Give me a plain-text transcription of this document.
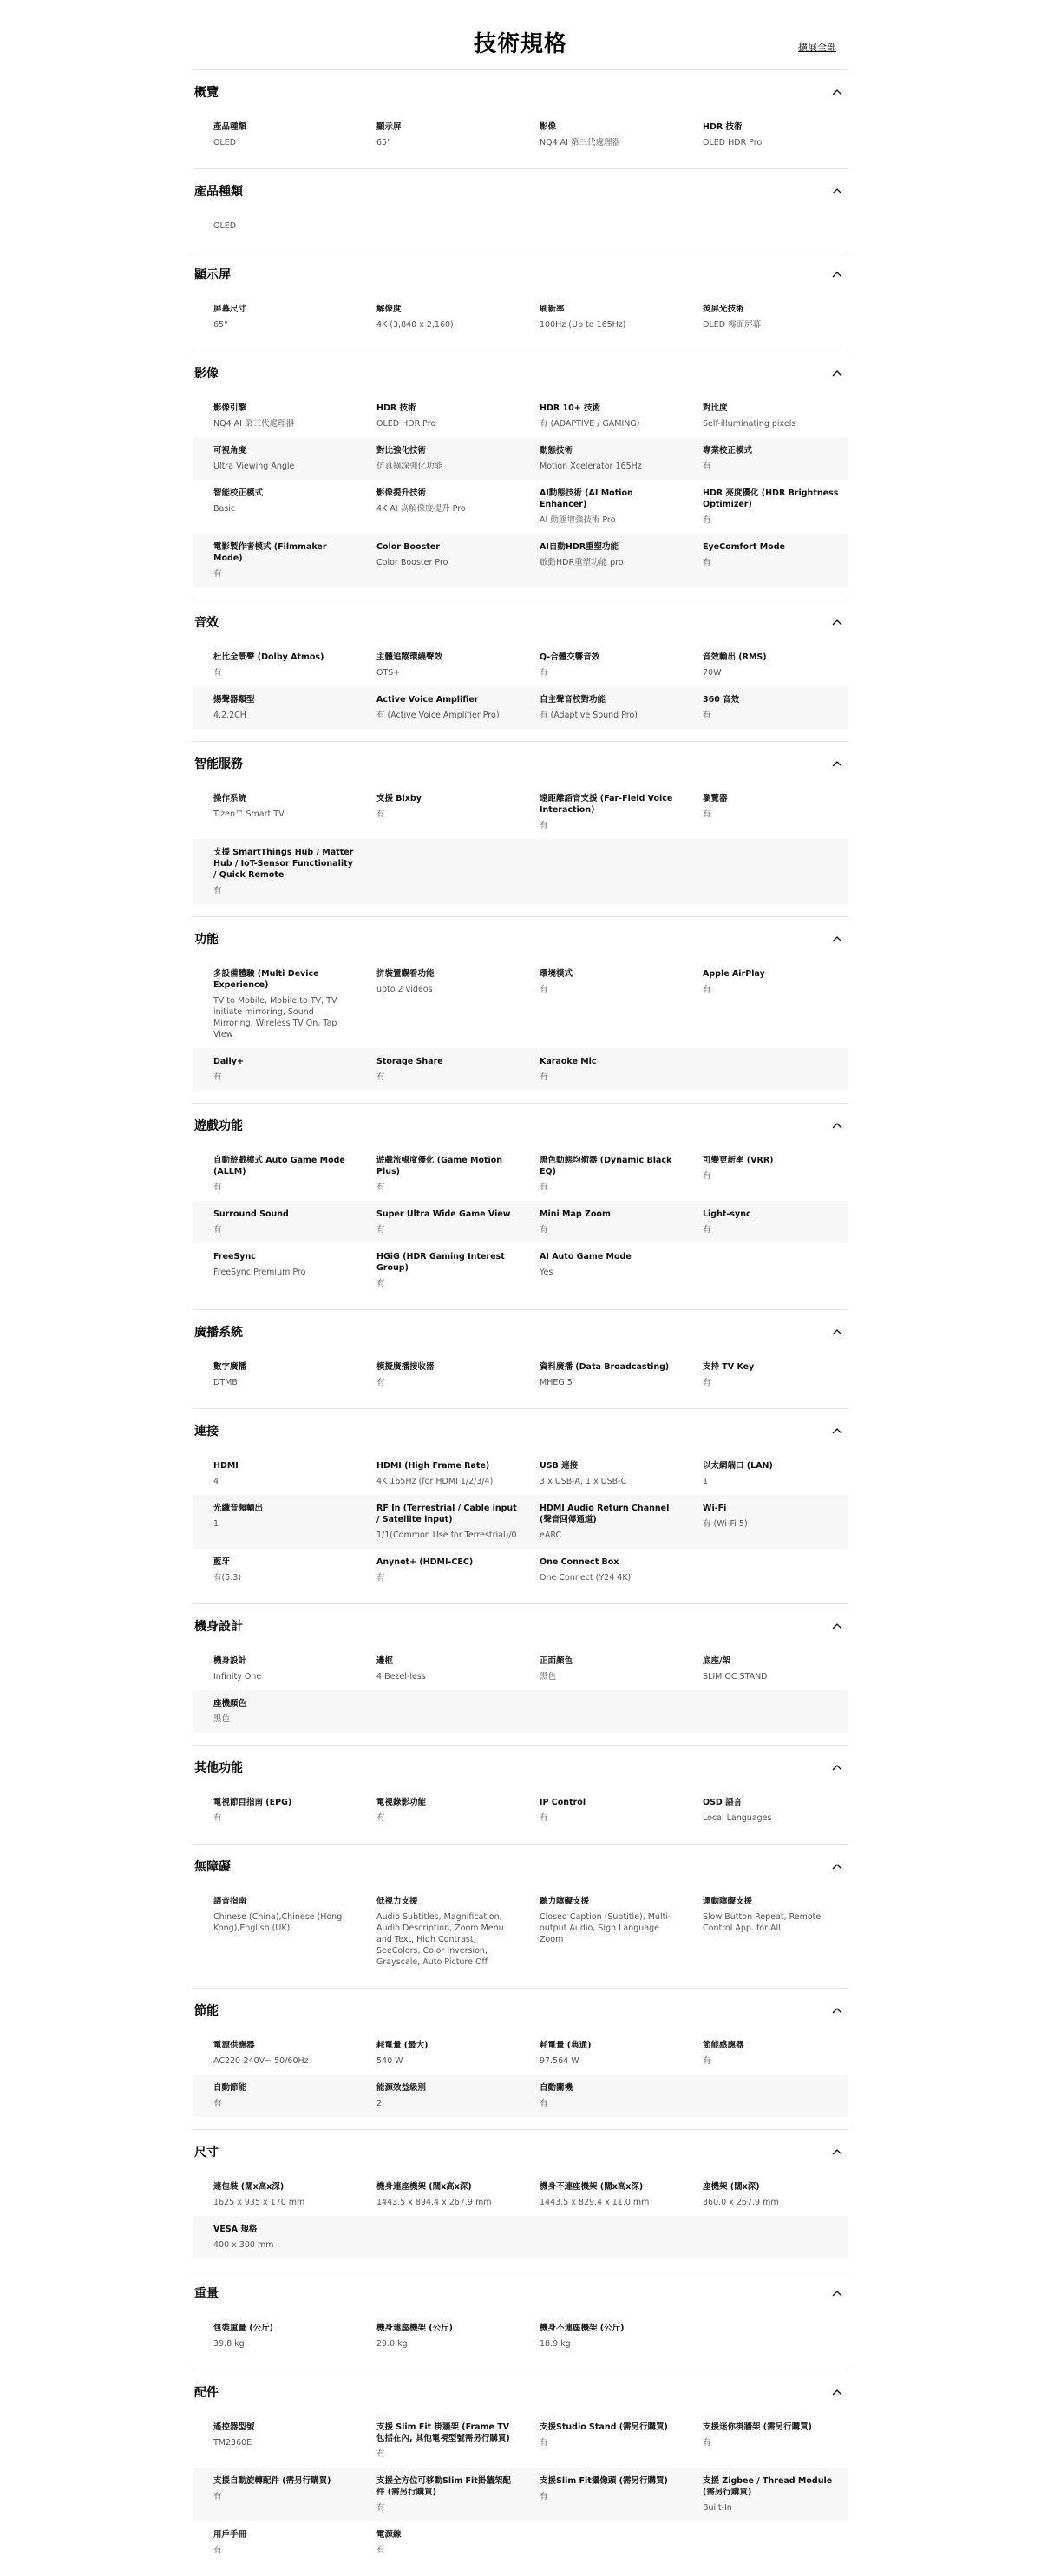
技術規格	擴展全部
概覽
產品種類
OLED
顯示屏
65"
影像
NQ4 AI 第三代處理器
HDR 技術
OLED HDR Pro
產品種類
OLED
顯示屏
屏幕尺寸
65"
解像度
4K (3,840 x 2,160)
刷新率
100Hz (Up to 165Hz)
熒屏光技術
OLED 霧面屏幕
影像
影像引擎
NQ4 AI 第三代處理器
HDR 技術
OLED HDR Pro
HDR 10+ 技術
有 (ADAPTIVE / GAMING)
對比度
Self-illuminating pixels
可視角度
Ultra Viewing Angle
對比強化技術
仿真擴深強化功能
動態技術
Motion Xcelerator 165Hz
專業校正模式
有
智能校正模式
Basic
影像提升技術
4K AI 高解像度提升 Pro
AI動態技術 (AI Motion Enhancer)
AI 動態增強技術 Pro
HDR 亮度優化 (HDR Brightness Optimizer)
有
電影製作者模式 (Filmmaker Mode)
有
Color Booster
Color Booster Pro
AI自動HDR重塑功能
啟動HDR重塑功能 pro
EyeComfort Mode
有
音效
杜比全景聲 (Dolby Atmos)
有
主體追蹤環繞聲效
OTS+
Q-合體交響音效
有
音效輸出 (RMS)
70W
揚聲器類型
4.2.2CH
Active Voice Amplifier
有 (Active Voice Amplifier Pro)
自主聲音校對功能
有 (Adaptive Sound Pro)
360 音效
有
智能服務
操作系統
Tizen™ Smart TV
支援 Bixby
有
遠距離語音支援 (Far-Field Voice Interaction)
有
瀏覽器
有
支援 SmartThings Hub / Matter Hub / IoT-Sensor Functionality / Quick Remote
有
功能
多設備體驗 (Multi Device Experience)
TV to Mobile, Mobile to TV, TV initiate mirroring, Sound Mirroring, Wireless TV On, Tap View
拼裝置觀看功能
upto 2 videos
環境模式
有
Apple AirPlay
有
Daily+
有
Storage Share
有
Karaoke Mic
有
遊戲功能
自動遊戲模式 Auto Game Mode (ALLM)
有
遊戲流暢度優化 (Game Motion Plus)
有
黑色動態均衡器 (Dynamic Black EQ)
有
可變更新率 (VRR)
有
Surround Sound
有
Super Ultra Wide Game View
有
Mini Map Zoom
有
Light-sync
有
FreeSync
FreeSync Premium Pro
HGiG (HDR Gaming Interest Group)
有
AI Auto Game Mode
Yes
廣播系統
數字廣播
DTMB
模擬廣播接收器
有
資料廣播 (Data Broadcasting)
MHEG 5
支持 TV Key
有
連接
HDMI
4
HDMI (High Frame Rate)
4K 165Hz (for HDMI 1/2/3/4)
USB 連接
3 x USB-A, 1 x USB-C
以太網端口 (LAN)
1
光纖音頻輸出
1
RF In (Terrestrial / Cable input / Satellite input)
1/1(Common Use for Terrestrial)/0
HDMI Audio Return Channel (聲音回傳通道)
eARC
Wi-Fi
有 (Wi-Fi 5)
藍牙
有(5.3)
Anynet+ (HDMI-CEC)
有
One Connect Box
One Connect (Y24 4K)
機身設計
機身設計
Infinity One
邊框
4 Bezel-less
正面顏色
黑色
底座/架
SLIM OC STAND
座機顏色
黑色
其他功能
電視節目指南 (EPG)
有
電視錄影功能
有
IP Control
有
OSD 語言
Local Languages
無障礙
語音指南
Chinese (China),Chinese (Hong Kong),English (UK)
低視力支援
Audio Subtitles, Magnification, Audio Description, Zoom Menu and Text, High Contrast, SeeColors, Color Inversion, Grayscale, Auto Picture Off
聽力障礙支援
Closed Caption (Subtitle), Multi-output Audio, Sign Language Zoom
運動障礙支援
Slow Button Repeat, Remote Control App. for All
節能
電源供應器
AC220-240V~ 50/60Hz
耗電量 (最大)
540 W
耗電量 (典通)
97.564 W
節能感應器
有
自動節能
有
能源效益級別
2
自動關機
有
尺寸
連包裝 (闊x高x深)
1625 x 935 x 170 mm
機身連座機架 (闊x高x深)
1443.5 x 894.4 x 267.9 mm
機身不連座機架 (闊x高x深)
1443.5 x 829.4 x 11.0 mm
座機架 (闊x深)
360.0 x 267.9 mm
VESA 規格
400 x 300 mm
重量
包裝重量 (公斤)
39.8 kg
機身連座機架 (公斤)
29.0 kg
機身不連座機架 (公斤)
18.9 kg
配件
遙控器型號
TM2360E
支援 Slim Fit 掛牆架 (Frame TV 包括在內, 其他電視型號需另行購買)
有
支援Studio Stand (需另行購買)
有
支援迷你掛牆架 (需另行購買)
有
支援自動旋轉配件 (需另行購買)
有
支援全方位可移動Slim Fit掛牆架配件 (需另行購買)
有
支援Slim Fit攝像頭 (需另行購買)
有
支援 Zigbee / Thread Module (需另行購買)
Built-In
用戶手冊
有
電源線
有
